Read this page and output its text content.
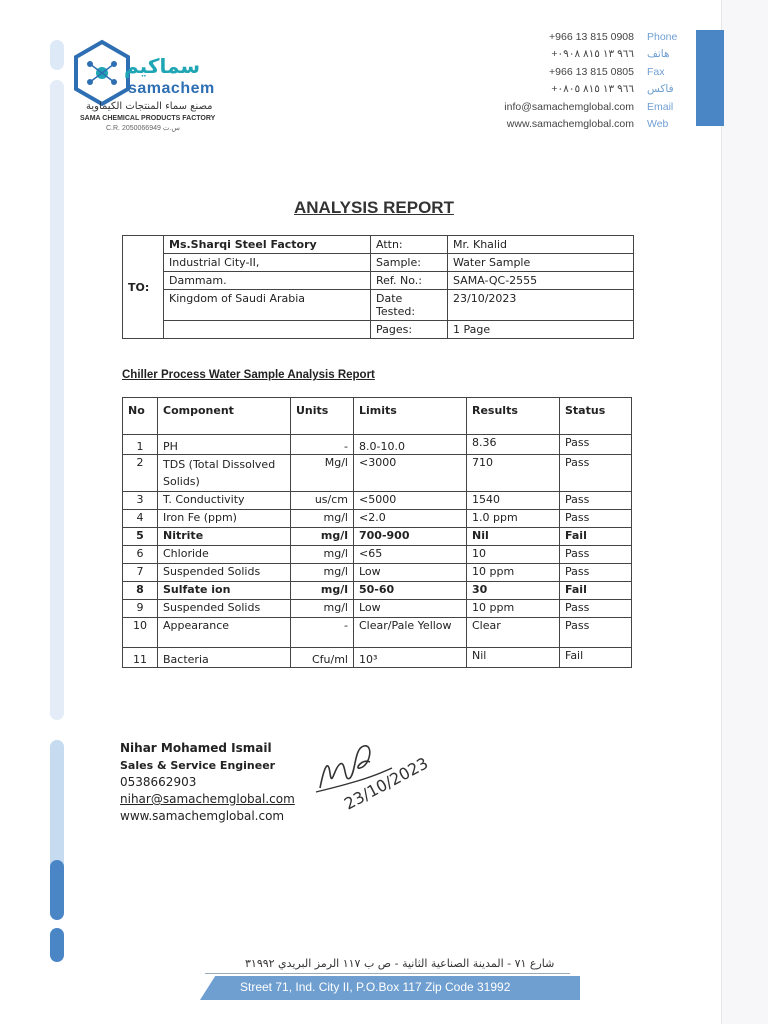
سماكيم
samachem
مصنع سماء المنتجات الكيماوية
SAMA CHEMICAL PRODUCTS FACTORY
C.R. 2050066949 س.ت
+966 13 815 0908 Phone
+٩٦٦ ١٣ ٨١٥ ٠٩٠٨ هاتف
+966 13 815 0805 Fax
+٩٦٦ ١٣ ٨١٥ ٠٨٠٥ فاكس
info@samachemglobal.com Email
www.samachemglobal.com Web
ANALYSIS REPORT
TO:	Ms.Sharqi Steel Factory	Attn:	Mr. Khalid
	Industrial City-II,	Sample:	Water Sample
	Dammam.	Ref. No.:	SAMA-QC-2555
	Kingdom of Saudi Arabia	Date Tested:	23/10/2023
		Pages:	1 Page
Chiller Process Water Sample Analysis Report
No	Component	Units	Limits	Results	Status
1	PH	-	8.0-10.0	8.36	Pass
2	TDS (Total Dissolved Solids)	Mg/l	<3000	710	Pass
3	T. Conductivity	us/cm	<5000	1540	Pass
4	Iron Fe (ppm)	mg/l	<2.0	1.0 ppm	Pass
5	Nitrite	mg/l	700-900	Nil	Fail
6	Chloride	mg/l	<65	10	Pass
7	Suspended Solids	mg/l	Low	10 ppm	Pass
8	Sulfate ion	mg/l	50-60	30	Fail
9	Suspended Solids	mg/l	Low	10 ppm	Pass
10	Appearance	-	Clear/Pale Yellow	Clear	Pass
11	Bacteria	Cfu/ml	10³	Nil	Fail
Nihar Mohamed Ismail
Sales & Service Engineer
0538662903
nihar@samachemglobal.com
www.samachemglobal.com
23/10/2023
شارع ٧١ - المدينة الصناعية الثانية - ص ب ١١٧ الرمز البريدي ٣١٩٩٢
Street 71, Ind. City II, P.O.Box 117 Zip Code 31992
